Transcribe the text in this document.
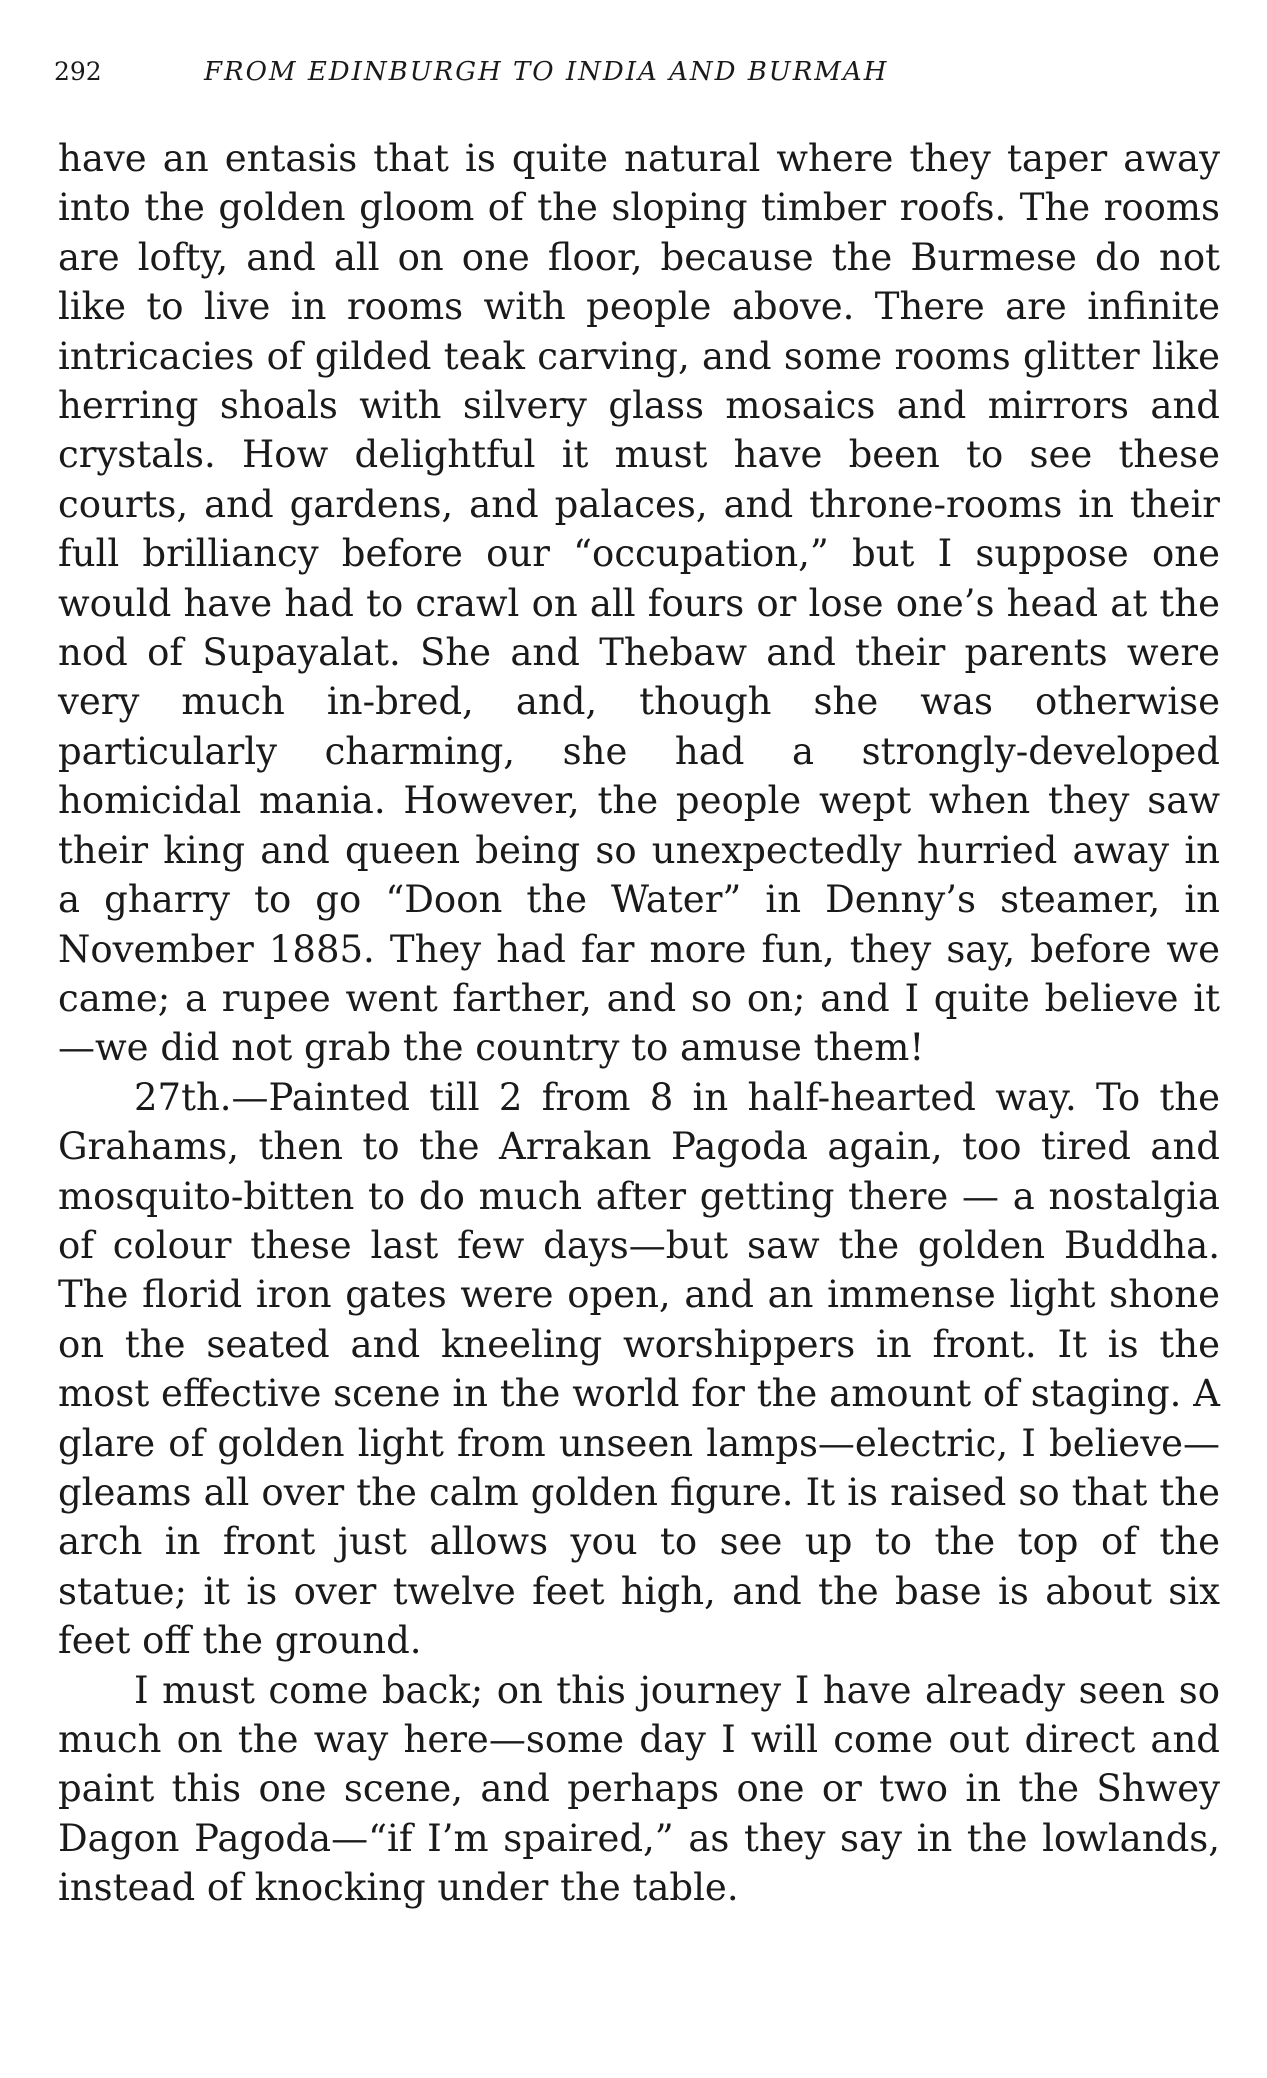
292	FROM EDINBURGH TO INDIA AND BURMAH

have an entasis that is quite natural where they taper away into the golden gloom of the sloping timber roofs. The rooms are lofty, and all on one floor, because the Burmese do not like to live in rooms with people above. There are infinite intricacies of gilded teak carving, and some rooms glitter like herring shoals with silvery glass mosaics and mirrors and crystals. How delightful it must have been to see these courts, and gardens, and palaces, and throne-rooms in their full brilliancy before our “occupation,” but I suppose one would have had to crawl on all fours or lose one’s head at the nod of Supayalat. She and Thebaw and their parents were very much in-bred, and, though she was otherwise particularly charming, she had a strongly-developed homicidal mania. However, the people wept when they saw their king and queen being so unexpectedly hurried away in a gharry to go “Doon the Water” in Denny’s steamer, in November 1885. They had far more fun, they say, before we came; a rupee went farther, and so on; and I quite believe it—we did not grab the country to amuse them!

27th.—Painted till 2 from 8 in half-hearted way. To the Grahams, then to the Arrakan Pagoda again, too tired and mosquito-bitten to do much after getting there — a nostalgia of colour these last few days—but saw the golden Buddha. The florid iron gates were open, and an immense light shone on the seated and kneeling worshippers in front. It is the most effective scene in the world for the amount of staging. A glare of golden light from unseen lamps—electric, I believe—gleams all over the calm golden figure. It is raised so that the arch in front just allows you to see up to the top of the statue; it is over twelve feet high, and the base is about six feet off the ground.

I must come back; on this journey I have already seen so much on the way here—some day I will come out direct and paint this one scene, and perhaps one or two in the Shwey Dagon Pagoda—“if I’m spaired,” as they say in the lowlands, instead of knocking under the table.
